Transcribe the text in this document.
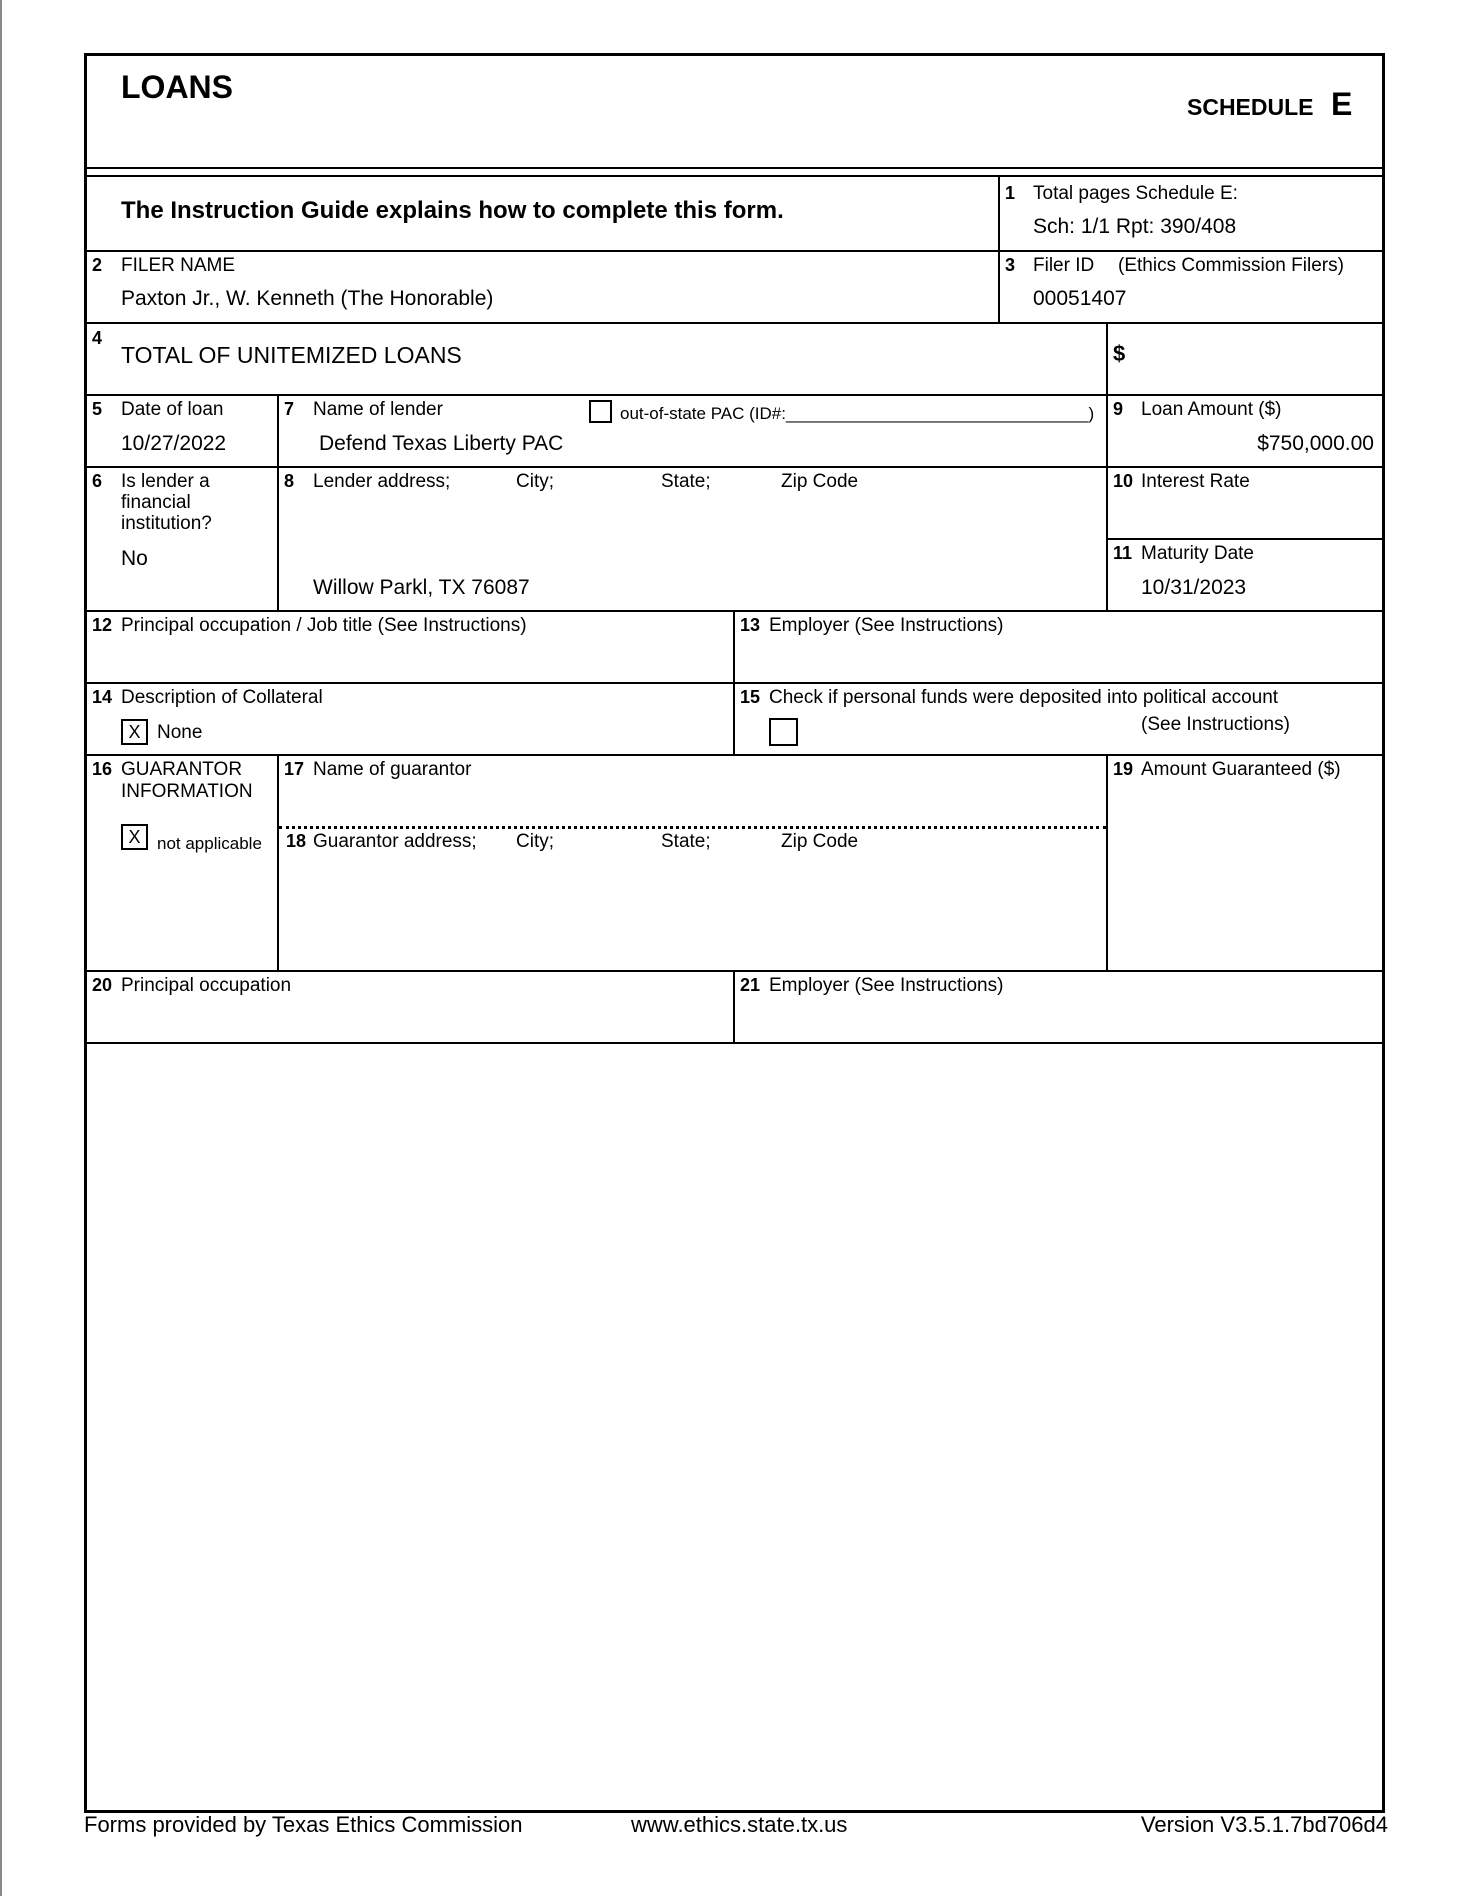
LOANS
SCHEDULE E
The Instruction Guide explains how to complete this form.
1 Total pages Schedule E:
Sch: 1/1 Rpt: 390/408
2 FILER NAME
Paxton Jr., W. Kenneth (The Honorable)
3 Filer ID (Ethics Commission Filers)
00051407
4
TOTAL OF UNITEMIZED LOANS	$
5 Date of loan
10/27/2022
7 Name of lender	out-of-state PAC (ID#:________________________________)
Defend Texas Liberty PAC
9 Loan Amount ($)
$750,000.00
6 Is lender a
financial
institution?
No
8 Lender address;	City;	State;	Zip Code
Willow Parkl, TX 76087
10 Interest Rate
11 Maturity Date
10/31/2023
12 Principal occupation / Job title (See Instructions)	13 Employer (See Instructions)
14 Description of Collateral
X None
15 Check if personal funds were deposited into political account
(See Instructions)
16 GUARANTOR
INFORMATION
X not applicable
17 Name of guarantor
18 Guarantor address; City;	State;	Zip Code
19 Amount Guaranteed ($)
20 Principal occupation	21 Employer (See Instructions)
Forms provided by Texas Ethics Commission	www.ethics.state.tx.us	Version V3.5.1.7bd706d4
